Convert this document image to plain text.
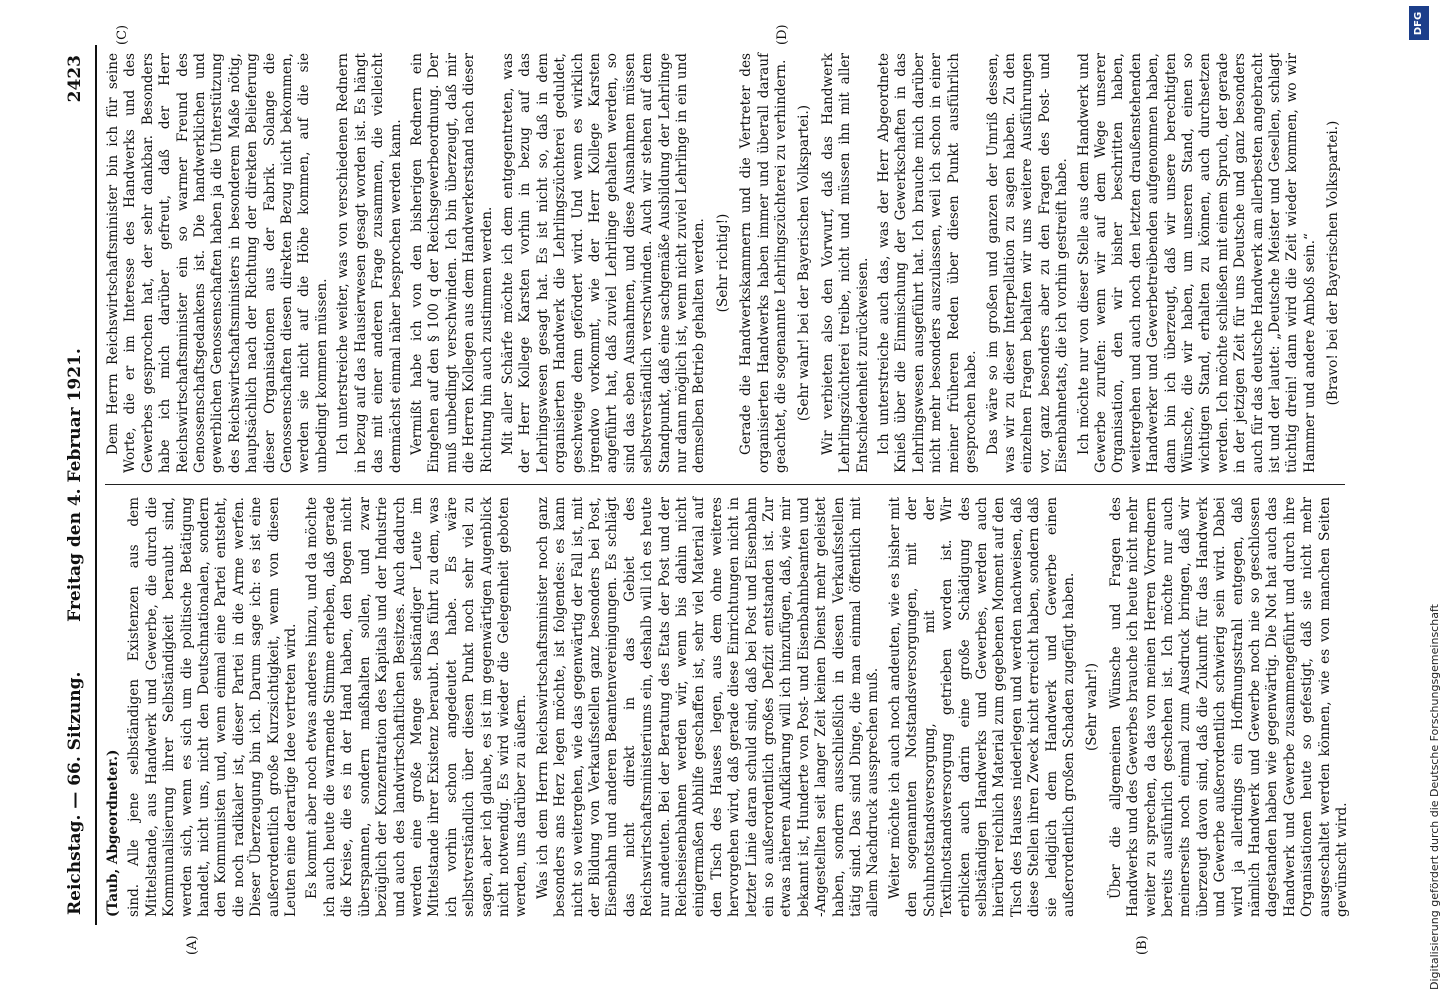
DFG
Digitalisierung gefördert durch die Deutsche Forschungsgemeinschaft
Reichstag. — 66. Sitzung.
Freitag den 4. Februar 1921.
2423
(A)	(B)
(C)	(D)

(Taub, Abgeordneter.) sind. Alle jene selbständigen Existenzen aus dem Mittelstande, aus Handwerk und Gewerbe, die durch die Kommunalisierung ihrer Selbständigkeit beraubt sind, werden sich, wenn es sich um die politische Betätigung handelt, nicht uns, nicht den Deutschnationalen, sondern den Kommunisten und, wenn einmal eine Partei entsteht, die noch radikaler ist, dieser Partei in die Arme werfen. Dieser Überzeugung bin ich. Darum sage ich: es ist eine außerordentlich große Kurzsichtigkeit, wenn von diesen Leuten eine derartige Idee vertreten wird. Es kommt aber noch etwas anderes hinzu, und da möchte ich auch heute die warnende Stimme erheben, daß gerade die Kreise, die es in der Hand haben, den Bogen nicht überspannen, sondern maßhalten sollen, und zwar bezüglich der Konzentration des Kapitals und der Industrie und auch des landwirtschaftlichen Besitzes. Auch dadurch werden eine große Menge selbständiger Leute im Mittelstande ihrer Existenz beraubt. Das führt zu dem, was ich vorhin schon angedeutet habe. Es wäre selbstverständlich über diesen Punkt noch sehr viel zu sagen, aber ich glaube, es ist im gegenwärtigen Augenblick nicht notwendig. Es wird wieder die Gelegenheit geboten werden, uns darüber zu äußern. Was ich dem Herrn Reichswirtschaftsminister noch ganz besonders ans Herz legen möchte, ist folgendes: es kann nicht so weitergehen, wie das gegenwärtig der Fall ist, mit der Bildung von Verkaufsstellen ganz besonders bei Post, Eisenbahn und anderen Beamtenvereinigungen. Es schlägt das nicht direkt in das Gebiet des Reichswirtschaftsministeriums ein, deshalb will ich es heute nur andeuten. Bei der Beratung des Etats der Post und der Reichseisenbahnen werden wir, wenn bis dahin nicht einigermaßen Abhilfe geschaffen ist, sehr viel Material auf den Tisch des Hauses legen, aus dem ohne weiteres hervorgehen wird, daß gerade diese Einrichtungen nicht in letzter Linie daran schuld sind, daß bei Post und Eisenbahn ein so außerordentlich großes Defizit entstanden ist. Zur etwas näheren Aufklärung will ich hinzufügen, daß, wie mir bekannt ist, Hunderte von Post- und Eisenbahnbeamten und -Angestellten seit langer Zeit keinen Dienst mehr geleistet haben, sondern ausschließlich in diesen Verkaufsstellen tätig sind. Das sind Dinge, die man einmal öffentlich mit allem Nachdruck aussprechen muß. Weiter möchte ich auch noch andeuten, wie es bisher mit den sogenannten Notstandsversorgungen, mit der Schuhnotstandsversorgung, mit der Textilnotstandsversorgung getrieben worden ist. Wir erblicken auch darin eine große Schädigung des selbständigen Handwerks und Gewerbes, werden auch hierüber reichlich Material zum gegebenen Moment auf den Tisch des Hauses niederlegen und werden nachweisen, daß diese Stellen ihren Zweck nicht erreicht haben, sondern daß sie lediglich dem Handwerk und Gewerbe einen außerordentlich großen Schaden zugefügt haben. (Sehr wahr!) Über die allgemeinen Wünsche und Fragen des Handwerks und des Gewerbes brauche ich heute nicht mehr weiter zu sprechen, da das von meinen Herren Vorrednern bereits ausführlich geschehen ist. Ich möchte nur auch meinerseits noch einmal zum Ausdruck bringen, daß wir überzeugt davon sind, daß die Zukunft für das Handwerk und Gewerbe außerordentlich schwierig sein wird. Dabei wird ja allerdings ein Hoffnungsstrahl entgegen, daß nämlich Handwerk und Gewerbe noch nie so geschlossen dagestanden haben wie gegenwärtig. Die Not hat auch das Handwerk und Gewerbe zusammengeführt und durch ihre Organisationen heute so gefestigt, daß sie nicht mehr ausgeschaltet werden können, wie es von manchen Seiten gewünscht wird.

Dem Herrn Reichswirtschaftsminister bin ich für seine Worte, die er im Interesse des Handwerks und des Gewerbes gesprochen hat, der sehr dankbar. Besonders habe ich mich darüber gefreut, daß der Herr Reichswirtschaftsminister ein so warmer Freund des Genossenschaftsgedankens ist. Die handwerklichen und gewerblichen Genossenschaften haben ja die Unterstützung des Reichswirtschaftsministers in besonderem Maße nötig, hauptsächlich nach der Richtung der direkten Belieferung dieser Organisationen aus der Fabrik. Solange die Genossenschaften diesen direkten Bezug nicht bekommen, werden sie nicht auf die Höhe kommen, auf die sie unbedingt kommen müssen. Ich unterstreiche weiter, was von verschiedenen Rednern in bezug auf das Hausierwesen gesagt worden ist. Es hängt das mit einer anderen Frage zusammen, die vielleicht demnächst einmal näher besprochen werden kann. Vermißt habe ich von den bisherigen Rednern ein Eingehen auf den § 100 q der Reichsgewerbeordnung. Der muß unbedingt verschwinden. Ich bin überzeugt, daß mir die Herren Kollegen aus dem Handwerkerstand nach dieser Richtung hin auch zustimmen werden. Mit aller Schärfe möchte ich dem entgegentreten, was der Herr Kollege Karsten vorhin in bezug auf das Lehrlingswesen gesagt hat. Es ist nicht so, daß in dem organisierten Handwerk die Lehrlingszüchterei geduldet, geschweige denn gefördert wird. Und wenn es wirklich irgendwo vorkommt, wie der Herr Kollege Karsten angeführt hat, daß zuviel Lehrlinge gehalten werden, so sind das eben Ausnahmen, und diese Ausnahmen müssen selbstverständlich verschwinden. Auch wir stehen auf dem Standpunkt, daß eine sachgemäße Ausbildung der Lehrlinge nur dann möglich ist, wenn nicht zuviel Lehrlinge in ein und demselben Betrieb gehalten werden. (Sehr richtig!) Gerade die Handwerkskammern und die Vertreter des organisierten Handwerks haben immer und überall darauf geachtet, die sogenannte Lehrlingszüchterei zu verhindern. (Sehr wahr! bei der Bayerischen Volkspartei.) Wir verbieten also den Vorwurf, daß das Handwerk Lehrlingszüchterei treibe, nicht und müssen ihn mit aller Entschiedenheit zurückweisen. Ich unterstreiche auch das, was der Herr Abgeordnete Knieß über die Einmischung der Gewerkschaften in das Lehrlingswesen ausgeführt hat. Ich brauche mich darüber nicht mehr besonders auszulassen, weil ich schon in einer meiner früheren Reden über diesen Punkt ausführlich gesprochen habe. Das wäre so im großen und ganzen der Umriß dessen, was wir zu dieser Interpellation zu sagen haben. Zu den einzelnen Fragen behalten wir uns weitere Ausführungen vor, ganz besonders aber zu den Fragen des Post- und Eisenbahnetats, die ich vorhin gestreift habe. Ich möchte nur von dieser Stelle aus dem Handwerk und Gewerbe zurufen: wenn wir auf dem Wege unserer Organisation, den wir bisher beschritten haben, weitergehen und auch noch den letzten draußenstehenden Handwerker und Gewerbetreibenden aufgenommen haben, dann bin ich überzeugt, daß wir unsere berechtigten Wünsche, die wir haben, um unseren Stand, einen so wichtigen Stand, erhalten zu können, auch durchsetzen werden. Ich möchte schließen mit einem Spruch, der gerade in der jetzigen Zeit für uns Deutsche und ganz besonders auch für das deutsche Handwerk am allerbesten angebracht ist und der lautet: „Deutsche Meister und Gesellen, schlagt tüchtig drein! dann wird die Zeit wieder kommen, wo wir Hammer und andere Amboß sein.“ (Bravo! bei der Bayerischen Volkspartei.)
